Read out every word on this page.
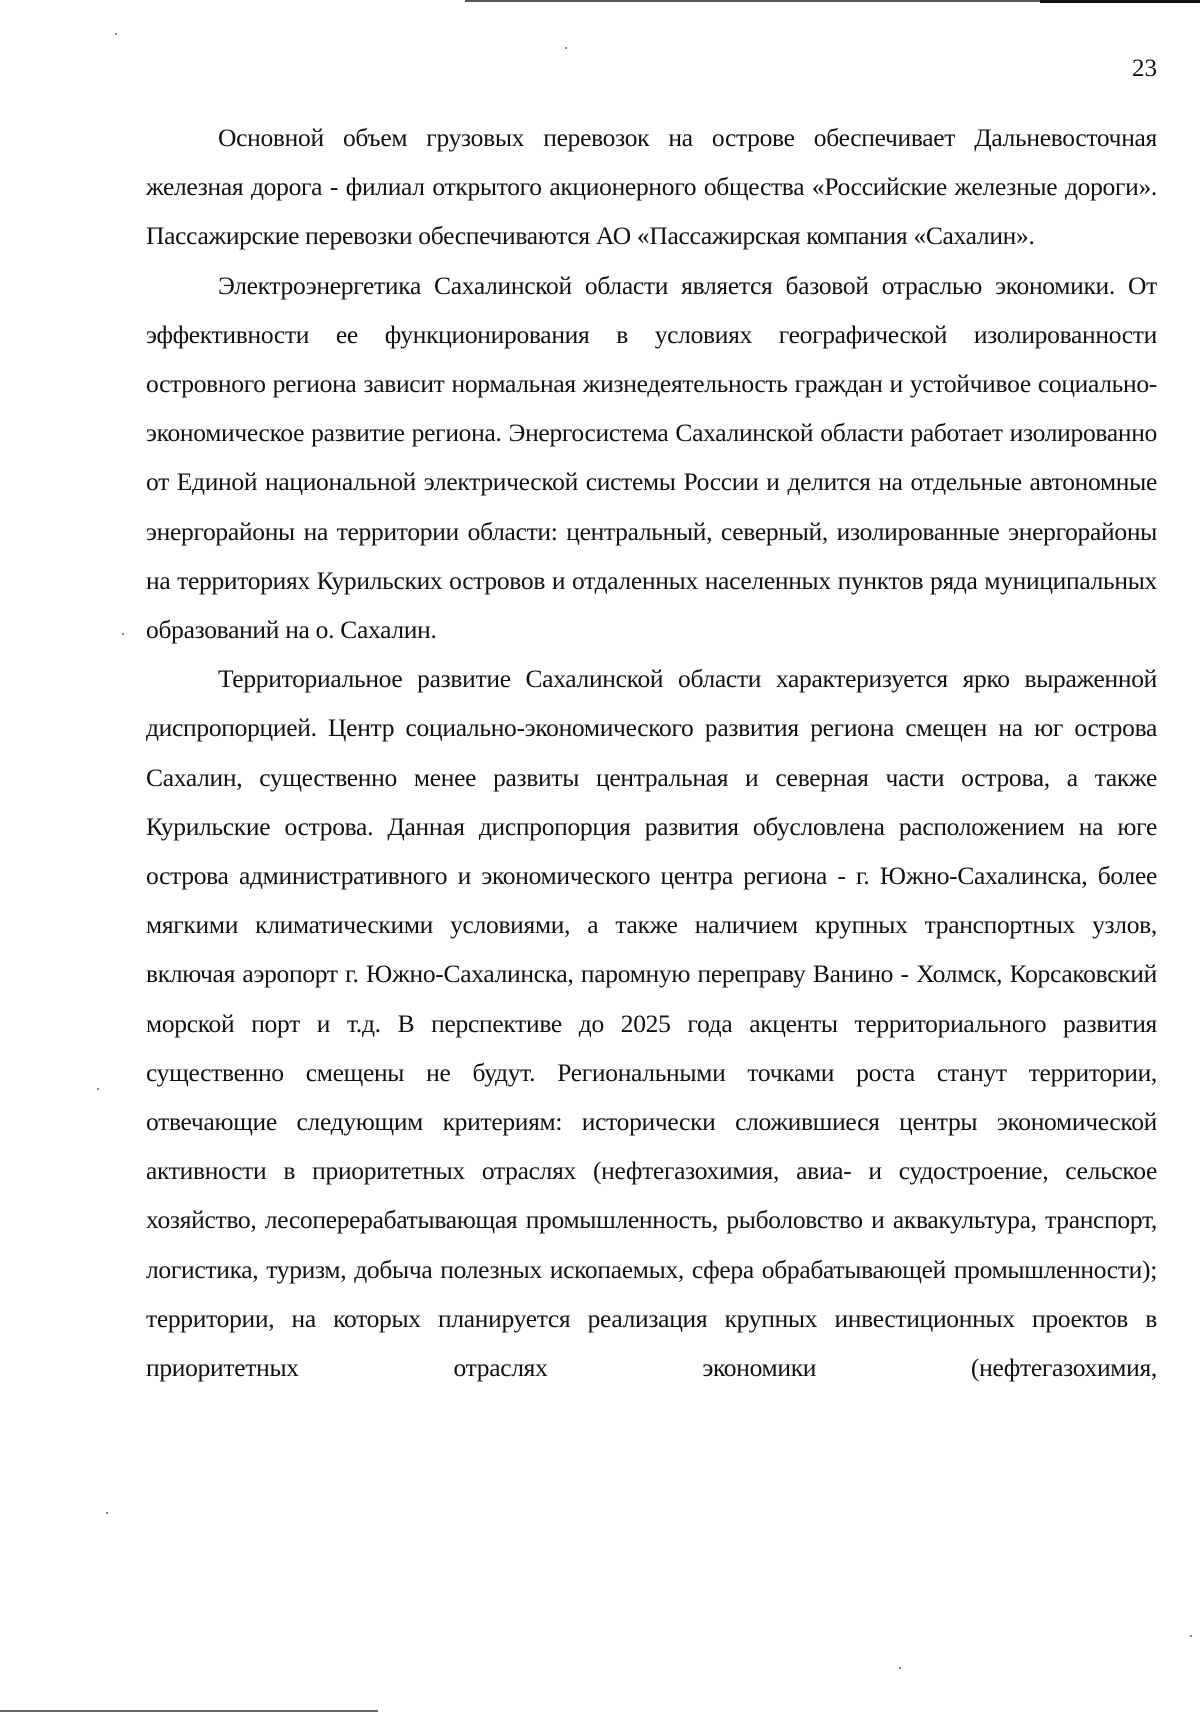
23

Основной объем грузовых перевозок на острове обеспечивает Дальневосточная железная дорога - филиал открытого акционерного общества «Российские железные дороги». Пассажирские перевозки обеспечиваются АО «Пассажирская компания «Сахалин».

Электроэнергетика Сахалинской области является базовой отраслью экономики. От эффективности ее функционирования в условиях географической изолированности островного региона зависит нормальная жизнедеятельность граждан и устойчивое социально-экономическое развитие региона. Энергосистема Сахалинской области работает изолированно от Единой национальной электрической системы России и делится на отдельные автономные энергорайоны на территории области: центральный, северный, изолированные энергорайоны на территориях Курильских островов и отдаленных населенных пунктов ряда муниципальных образований на о. Сахалин.

Территориальное развитие Сахалинской области характеризуется ярко выраженной диспропорцией. Центр социально-экономического развития региона смещен на юг острова Сахалин, существенно менее развиты центральная и северная части острова, а также Курильские острова. Данная диспропорция развития обусловлена расположением на юге острова административного и экономического центра региона - г. Южно-Сахалинска, более мягкими климатическими условиями, а также наличием крупных транспортных узлов, включая аэропорт г. Южно-Сахалинска, паромную переправу Ванино - Холмск, Корсаковский морской порт и т.д. В перспективе до 2025 года акценты территориального развития существенно смещены не будут. Региональными точками роста станут территории, отвечающие следующим критериям: исторически сложившиеся центры экономической активности в приоритетных отраслях (нефтегазохимия, авиа- и судостроение, сельское хозяйство, лесоперерабатывающая промышленность, рыболовство и аквакультура, транспорт, логистика, туризм, добыча полезных ископаемых, сфера обрабатывающей промышленности); территории, на которых планируется реализация крупных инвестиционных проектов в приоритетных отраслях экономики (нефтегазохимия,
